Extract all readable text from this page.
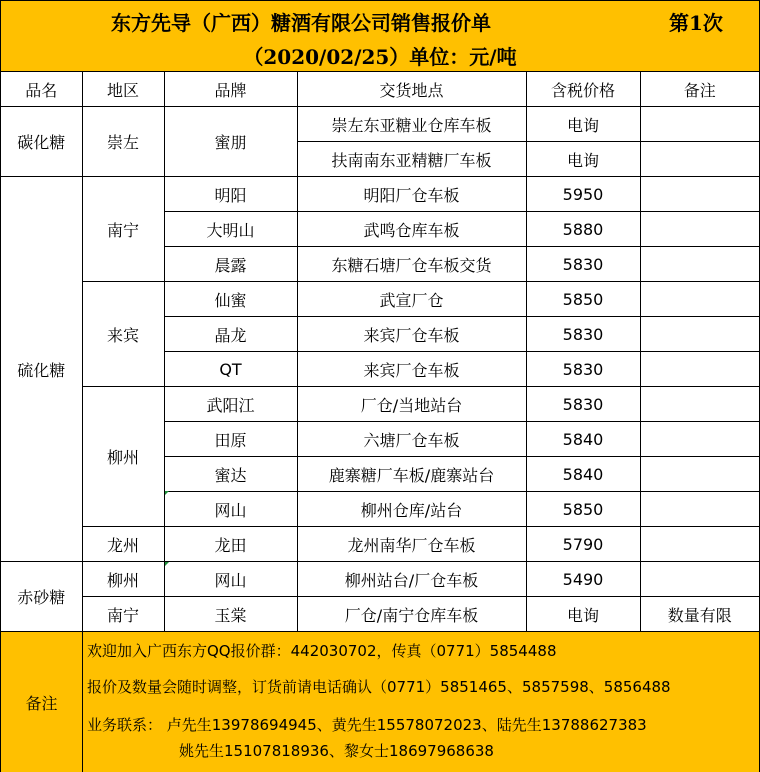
东方先导（广西）糖酒有限公司销售报价单	第1次
（2020/02/25）单位：元/吨
品名	地区	品牌	交货地点	含税价格	备注
碳化糖	崇左	蜜朋	崇左东亚糖业仓库车板	电询	
			扶南南东亚精糖厂车板	电询	
硫化糖	南宁	明阳	明阳厂仓车板	5950	
		大明山	武鸣仓库车板	5880	
		晨露	东糖石塘厂仓车板交货	5830	
	来宾	仙蜜	武宣厂仓	5850	
		晶龙	来宾厂仓车板	5830	
		QT	来宾厂仓车板	5830	
	柳州	武阳江	厂仓/当地站台	5830	
		田原	六塘厂仓车板	5840	
		蜜达	鹿寨糖厂车板/鹿寨站台	5840	
		网山	柳州仓库/站台	5850	
	龙州	龙田	龙州南华厂仓车板	5790	
赤砂糖	柳州	网山	柳州站台/厂仓车板	5490	
	南宁	玉棠	厂仓/南宁仓库车板	电询	数量有限
备注
欢迎加入广西东方QQ报价群：442030702，传真（0771）5854488
报价及数量会随时调整，订货前请电话确认（0771）5851465、5857598、5856488
业务联系： 卢先生13978694945、黄先生15578072023、陆先生13788627383
姚先生15107818936、黎女士18697968638
